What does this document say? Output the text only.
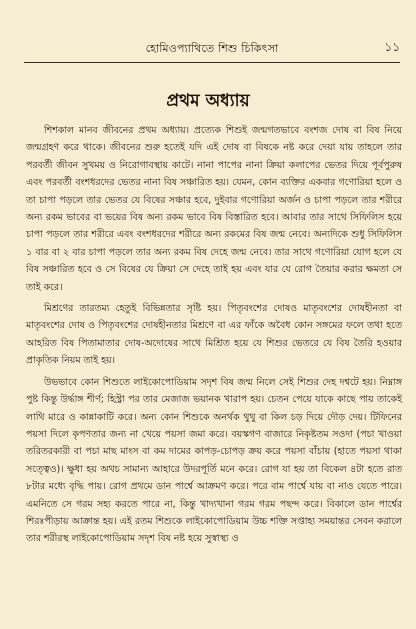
হোমিওপ্যাথিতে শিশু চিকিৎসা	১১
প্রথম অধ্যায়

শিশকাল মানব জীবনের প্রথম অধ্যায়। প্রত্যেক শিশুই জন্মগতভাবে বংশজ দোষ বা বিষ নিয়ে জন্মগ্রহণ করে থাকে। জীবনের শুরু হতেই যদি এই দোষ বা বিষকে নষ্ট করে দেয়া যায় তাহলে তার পরবর্তী জীবন সুখময় ও নিরোগাবস্থায় কাটে। নানা পাপের নানা ক্রিয়া কলাপের ভেতর দিয়ে পূর্বপুরুষ এবং পরবর্তী বংশধরদের ভেতর নানা বিষ সঞ্চারিত হয়। যেমন, কোন ব্যক্তির একবার গণোরিয়া হলে ও তা চাপা পড়লে তার ভেতর যে বিষের সঞ্চার হবে, দুইবার গণোরিয়া অর্জন ও চাপা পড়লে তার শরীরে অন্য রকম ভাবের বা ভয়ের বিষ অন্য রকম ভাবে বিষ বিস্তারিত হবে। আবার তার সাথে সিফিলিস হয়ে চাপা পড়লে তার শরীরে এবং বংশধরদের শরীরে অন্য রকমের বিষ জন্ম নেবে। অন্যদিকে শুধু সিফিলিস ১ বার বা ২ বার চাপা পড়লে তার অন্য রকম বিষ দেহে জন্ম নেবে। তার সাথে গণোরিয়া যোগ হলে যে বিষ সঞ্চারিত হবে ও সে বিষের যে ক্রিয়া সে দেহে তাই হয় এবং যার যে রোগ তৈয়ার করার ক্ষমতা সে তাই করে।

মিশ্রণের তারতম্য হেতুই বিভিন্নতার সৃষ্টি হয়। পিতৃবংশের দোষও মাতৃবংশের দোষহীনতা বা মাতৃবংশের দোষ ও পিতৃবংশের দোষহীনতার মিশ্রণে বা এর ফাঁকে অবৈধ কোন সঙ্গমের ফলে তথা হতে আহরিত বিষ পিতামাতার দোষ-অদোষের সাথে মিশ্রিত হয়ে যে শিশুর ভেতরে যে বিষ তৈরি হওয়ার প্রাকৃতিক নিয়ম তাই হয়।

উভভাবে কোন শিশুতে লাইকোপোডিয়াম সদৃশ বিষ জন্ম নিলে সেই শিশুর দেহ দশ্বটে হয়। নিম্নাঙ্গ পুষ্ট কিন্তু উর্দ্ধাঙ্গ শীর্ণ; হিস্ট্রা পর তার মেজাজ ভয়ানক খারাপ হয়। চেতন পেয়ে যাকে কাছে পায় তাকেই লাথি মারে ও কান্নাকাটি করে। অন্য কোন শিশুকে অনর্থক থুথু বা কিল চড় দিয়ে দৌড় দেয়। টিফিনের পয়সা দিলে কৃপণতার জন্য না খেয়ে পয়সা জমা করে। বয়স্কগণ বাজারে নিকৃষ্টতম সওদা (পচা খাওয়া তরিতরকারী বা পচা মাছ মাংস বা কম দামের কাপড়-চোপড় ক্রয় করে পয়সা বাঁচায় (হাতে পয়সা থাকা সত্ত্বেও)। ক্ষুধা হয় অথচ সামান্য আহারে উদরপূর্তি মনে করে। রোগ যা হয় তা বিকেল ৪টা হতে রাত ৮টার মধ্যে বৃদ্ধি পায়। রোগ প্রথমে ডান পার্শ্বে আক্রমণ করে। পরে বাম পার্শ্বে যায় বা নাও যেতে পারে। এমনিতে সে গরম সহ্য করতে পারে না, কিন্তু খাদ্যখানা গরম গরম পছন্দ করে। বিকালে ডান পার্শ্বের শিরঃপীড়ায় আক্রান্ত হয়। এই রতম শিশুকে লাইকোপোডিয়াম উচ্চ শক্তি সপ্তাহ্য সময়ান্তর সেবন করালে তার শরীরস্থ লাইকোপোডিয়াম সদৃশ বিষ নষ্ট হয়ে সুস্বাস্থ্য ও
